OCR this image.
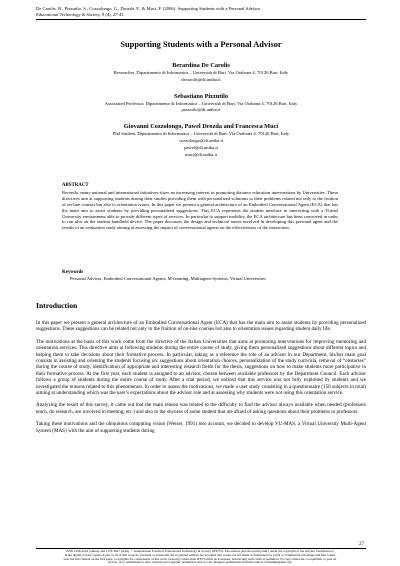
De Carolis, B., Pizzutilo, S., Cozzolongo, G., Drozda, P., & Muci, F. (2006). Supporting Students with a Personal Advisor.
Educational Technology & Society, 9 (4), 27-41.
Supporting Students with a Personal Advisor
Berardina De Carolis
Researcher ,Dipartimento di Informatica – Università di Bari, Via Orabona 4, 70126 Bari, Italy
decarolis@di.uniba.it
Sebastiano Pizzutilo
Associated Professor, Dipartimento di Informatica – Università di Bari, Via Orabona 4, 70126 Bari, Italy
pizzutilo@di.uniba.it
Giovanni Cozzolongo, Pawel Drozda and Francesca Muci
Phd Student, Dipartimento di Informatica – Università di Bari, Via Orabona 4, 70126 Bari, Italy
cozzolongo@di.uniba.it
pawel@di.uniba.it
muci@di.uniba.it
ABSTRACT
Recently, many national and international initiatives show an increasing interest in promoting distance education interventions by Universities. These directives aim at supporting students during their studies providing them with personalized solutions to their problems related not only to the fruition of on-line courses but also to orientation issues. In this paper we present a general architecture of an Embodied Conversational Agent (ECA) that has the main aim to assist students by providing personalized suggestions. This ECA represents the student interface in interacting with a Virtual University environment able to provide different types of services. In particular to support mobility, the ECA architecture has been conceived in order to run also on the student handheld device. The paper discusses the design and technical issues involved in developing this personal agent and the results of an evaluation study aiming at assessing the impact of conversational agents on the effectiveness of the interaction.
Keywords
Personal Advisor, Embodied Conversational Agents, M-learning, Multiagent-Systems, Virtual Universities
Introduction

In this paper we present a general architecture of an Embodied Conversational Agent (ECA) that has the main aim to assist students by providing personalized suggestions. These suggestions can be related not only to the fruition of on-line courses but also to orientation issues regarding student daily life.

The motivations at the basis of this work come from the directive of the Italian Universities that aims at promoting interventions for improving mentoring and orientation services. This directive aims at following students during the entire course of study, giving them personalized suggestions about different topics and helping them to take decisions about their formative process. In particular, taking as a reference the role of an advisor in our Department, his/her main goal consists in assisting and orienting the students focusing on: suggestions about orientation choices, personalization of the study curricula, removal of “obstacles” during the course of study, identification of appropriate and interesting research fields for the thesis, suggestions on how to make students more participative in their formative process. At the first year, each student is assigned to an advisor, chosen between available professors by the Department Council. Each advisor follows a group of students during the entire course of study. After a trial period, we noticed that this service was not fully exploited by students and we investigated the reasons related to this phenomenon. In order to assess the motivations, we made a user study consisting in a questionnaire (150 subjects in total) aiming at understanding which was the user’s expectations about the advisor role and at assessing why students were not using this orientation service.

Analyzing the result of this survey, it came out that the main reason was related to the difficulty to find the advisor always available when needed (professors teach, do research, are involved in meeting, etc.) and also to the shyness of some student that are afraid of asking questions about their problems to professors.

Taking these motivations and the ubiquitous computing vision (Weiser, 1991) into account, we decided to develop VU-MAS, a Virtual University Multi-Agent System (MAS) with the aim of supporting students during

27
ISSN 1436-4522 (online) and 1176-3647 (print). © International Forum of Educational Technology & Society (IFETS). The authors and the forum jointly retain the copyright of the articles. Permission to make digital or hard copies of part or all of this work for personal or classroom use is granted without fee provided that copies are not made or distributed for profit or commercial advantage and that copies bear the full citation on the first page. Copyrights for components of this work owned by others than IFETS must be honoured. Abstracting with credit is permitted. To copy otherwise, to republish, to post on servers, or to redistribute to lists, requires prior specific permission and/or a fee. Request permissions from the editors at kinshuk@ieee.org.
